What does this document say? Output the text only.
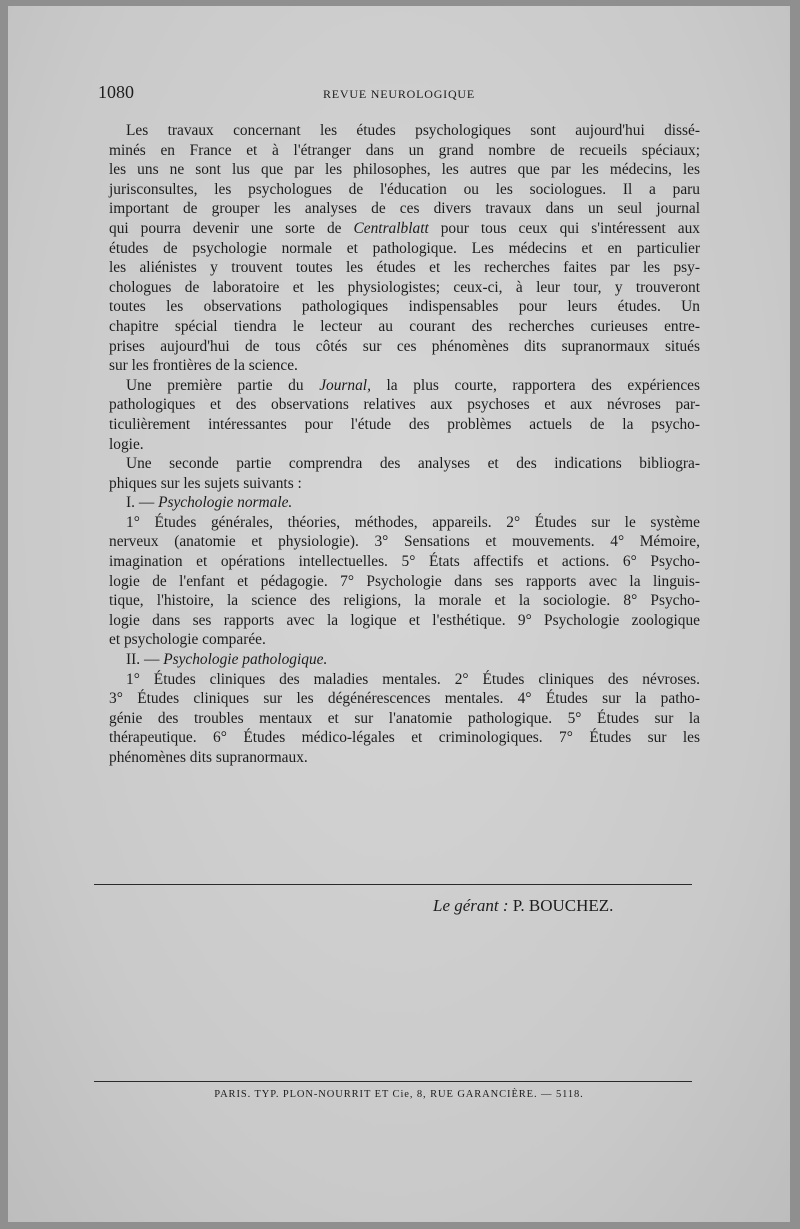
1080	REVUE NEUROLOGIQUE
Les travaux concernant les études psychologiques sont aujourd'hui dissé-
minés en France et à l'étranger dans un grand nombre de recueils spéciaux;
les uns ne sont lus que par les philosophes, les autres que par les médecins, les
jurisconsultes, les psychologues de l'éducation ou les sociologues. Il a paru
important de grouper les analyses de ces divers travaux dans un seul journal
qui pourra devenir une sorte de Centralblatt pour tous ceux qui s'intéressent aux
études de psychologie normale et pathologique. Les médecins et en particulier
les aliénistes y trouvent toutes les études et les recherches faites par les psy-
chologues de laboratoire et les physiologistes; ceux-ci, à leur tour, y trouveront
toutes les observations pathologiques indispensables pour leurs études. Un
chapitre spécial tiendra le lecteur au courant des recherches curieuses entre-
prises aujourd'hui de tous côtés sur ces phénomènes dits supranormaux situés
sur les frontières de la science.
Une première partie du Journal, la plus courte, rapportera des expériences
pathologiques et des observations relatives aux psychoses et aux névroses par-
ticulièrement intéressantes pour l'étude des problèmes actuels de la psycho-
logie.
Une seconde partie comprendra des analyses et des indications bibliogra-
phiques sur les sujets suivants :
I. — Psychologie normale.
1° Études générales, théories, méthodes, appareils. 2° Études sur le système
nerveux (anatomie et physiologie). 3° Sensations et mouvements. 4° Mémoire,
imagination et opérations intellectuelles. 5° États affectifs et actions. 6° Psycho-
logie de l'enfant et pédagogie. 7° Psychologie dans ses rapports avec la linguis-
tique, l'histoire, la science des religions, la morale et la sociologie. 8° Psycho-
logie dans ses rapports avec la logique et l'esthétique. 9° Psychologie zoologique
et psychologie comparée.
II. — Psychologie pathologique.
1° Études cliniques des maladies mentales. 2° Études cliniques des névroses.
3° Études cliniques sur les dégénérescences mentales. 4° Études sur la patho-
génie des troubles mentaux et sur l'anatomie pathologique. 5° Études sur la
thérapeutique. 6° Études médico-légales et criminologiques. 7° Études sur les
phénomènes dits supranormaux.
Le gérant : P. BOUCHEZ.
PARIS. TYP. PLON-NOURRIT ET Cie, 8, RUE GARANCIÈRE. — 5118.
